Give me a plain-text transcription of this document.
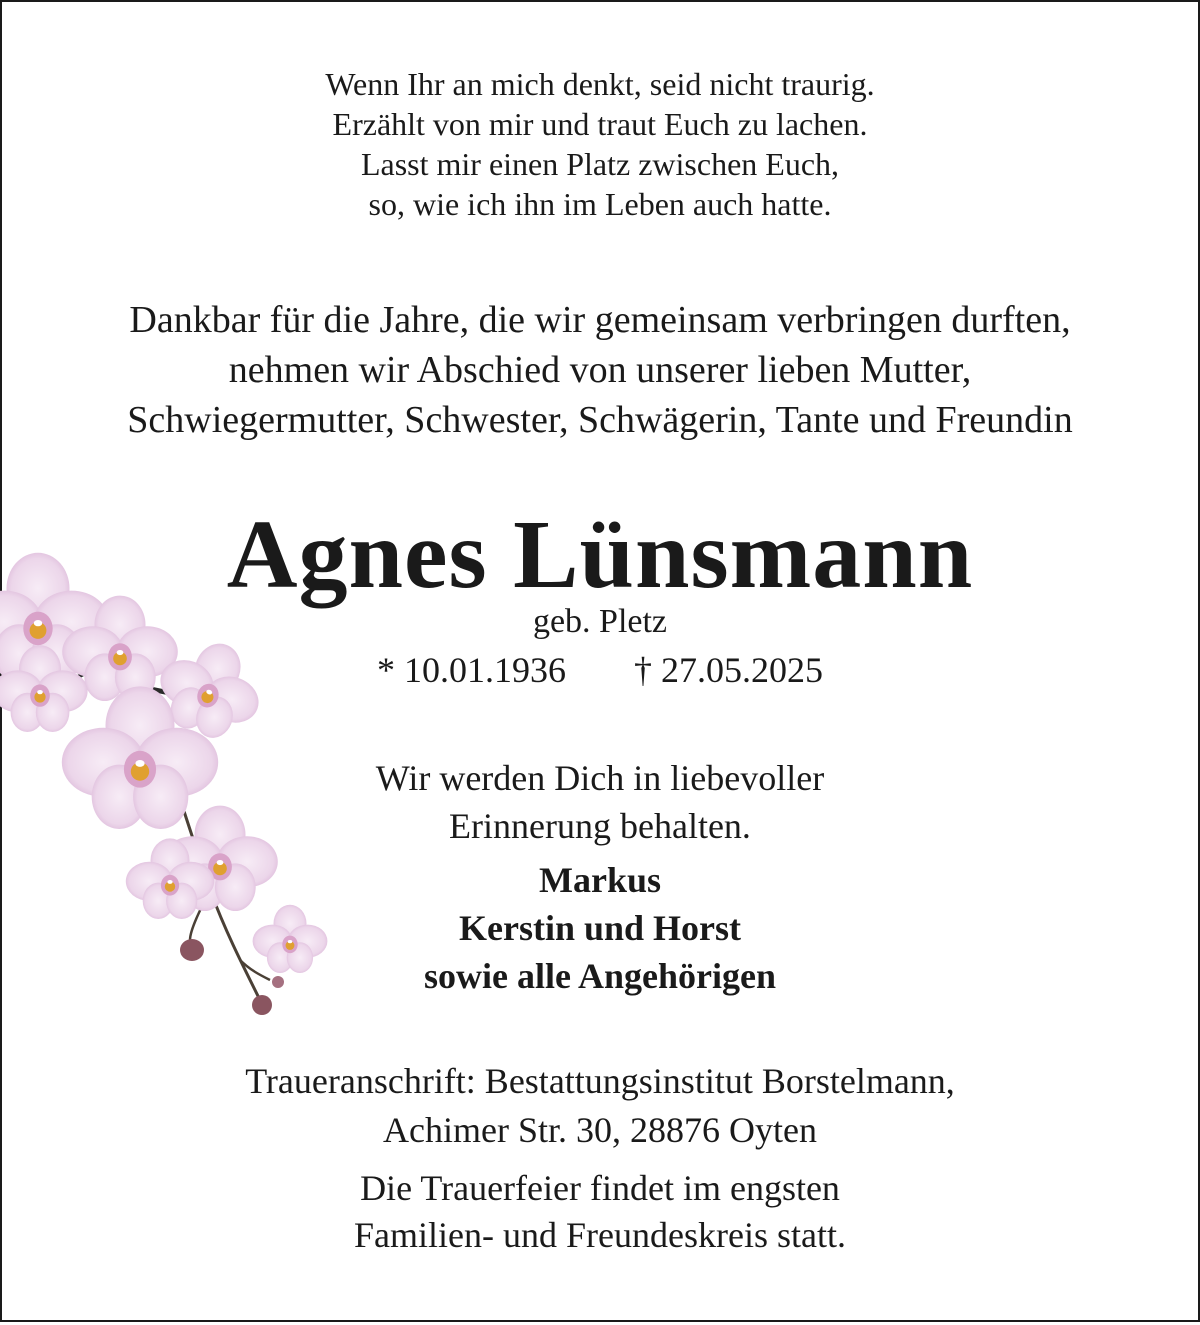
Wenn Ihr an mich denkt, seid nicht traurig.
Erzählt von mir und traut Euch zu lachen.
Lasst mir einen Platz zwischen Euch,
so, wie ich ihn im Leben auch hatte.
Dankbar für die Jahre, die wir gemeinsam verbringen durften,
nehmen wir Abschied von unserer lieben Mutter,
Schwiegermutter, Schwester, Schwägerin, Tante und Freundin
Agnes Lünsmann
geb. Pletz
* 10.01.1936 † 27.05.2025
Wir werden Dich in liebevoller
Erinnerung behalten.
Markus
Kerstin und Horst
sowie alle Angehörigen
Traueranschrift: Bestattungsinstitut Borstelmann,
Achimer Str. 30, 28876 Oyten
Die Trauerfeier findet im engsten
Familien- und Freundeskreis statt.
